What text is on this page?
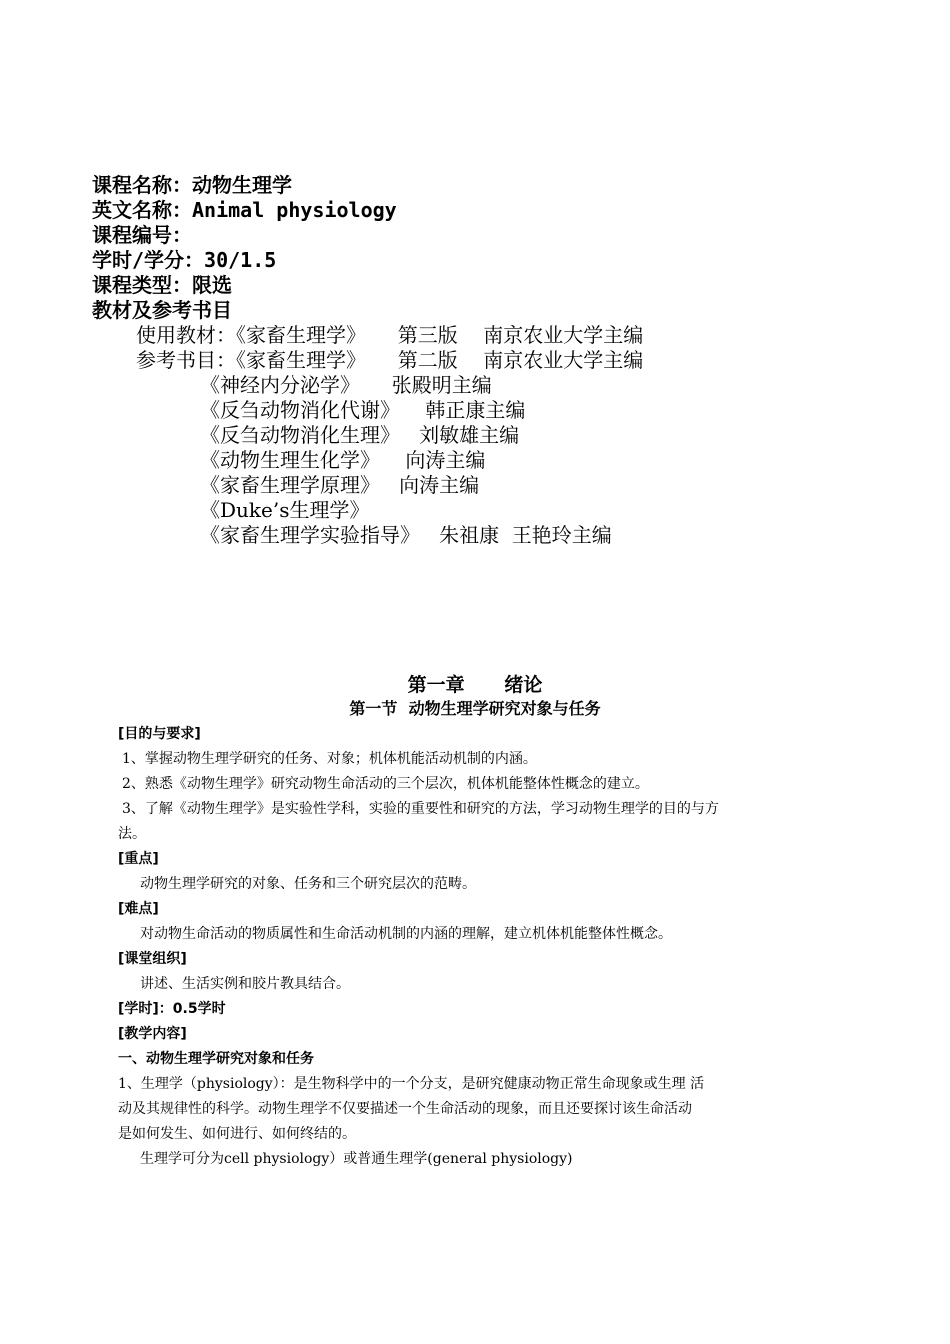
课程名称：动物生理学
英文名称：Animal physiology
课程编号：
学时/学分：30/1.5
课程类型：限选
教材及参考书目
使用教材：《家畜生理学》     第三版    南京农业大学主编
参考书目：《家畜生理学》     第二版    南京农业大学主编
《神经内分泌学》     张殿明主编
《反刍动物消化代谢》    韩正康主编
《反刍动物消化生理》   刘敏雄主编
《动物生理生化学》    向涛主编
《家畜生理学原理》   向涛主编
《Duke’s生理学》
《家畜生理学实验指导》   朱祖康  王艳玲主编
第一章      绪论
第一节  动物生理学研究对象与任务
[目的与要求]
1、掌握动物生理学研究的任务、对象；机体机能活动机制的内涵。
2、熟悉《动物生理学》研究动物生命活动的三个层次，机体机能整体性概念的建立。
3、了解《动物生理学》是实验性学科，实验的重要性和研究的方法，学习动物生理学的目的与方
法。
[重点]
动物生理学研究的对象、任务和三个研究层次的范畴。
[难点]
对动物生命活动的物质属性和生命活动机制的内涵的理解，建立机体机能整体性概念。
[课堂组织]
讲述、生活实例和胶片教具结合。
[学时]：0.5学时
[教学内容]
一、动物生理学研究对象和任务
1、生理学（physiology）：是生物科学中的一个分支，是研究健康动物正常生命现象或生理 活
动及其规律性的科学。动物生理学不仅要描述一个生命活动的现象，而且还要探讨该生命活动
是如何发生、如何进行、如何终结的。
生理学可分为cell physiology）或普通生理学(general physiology)
